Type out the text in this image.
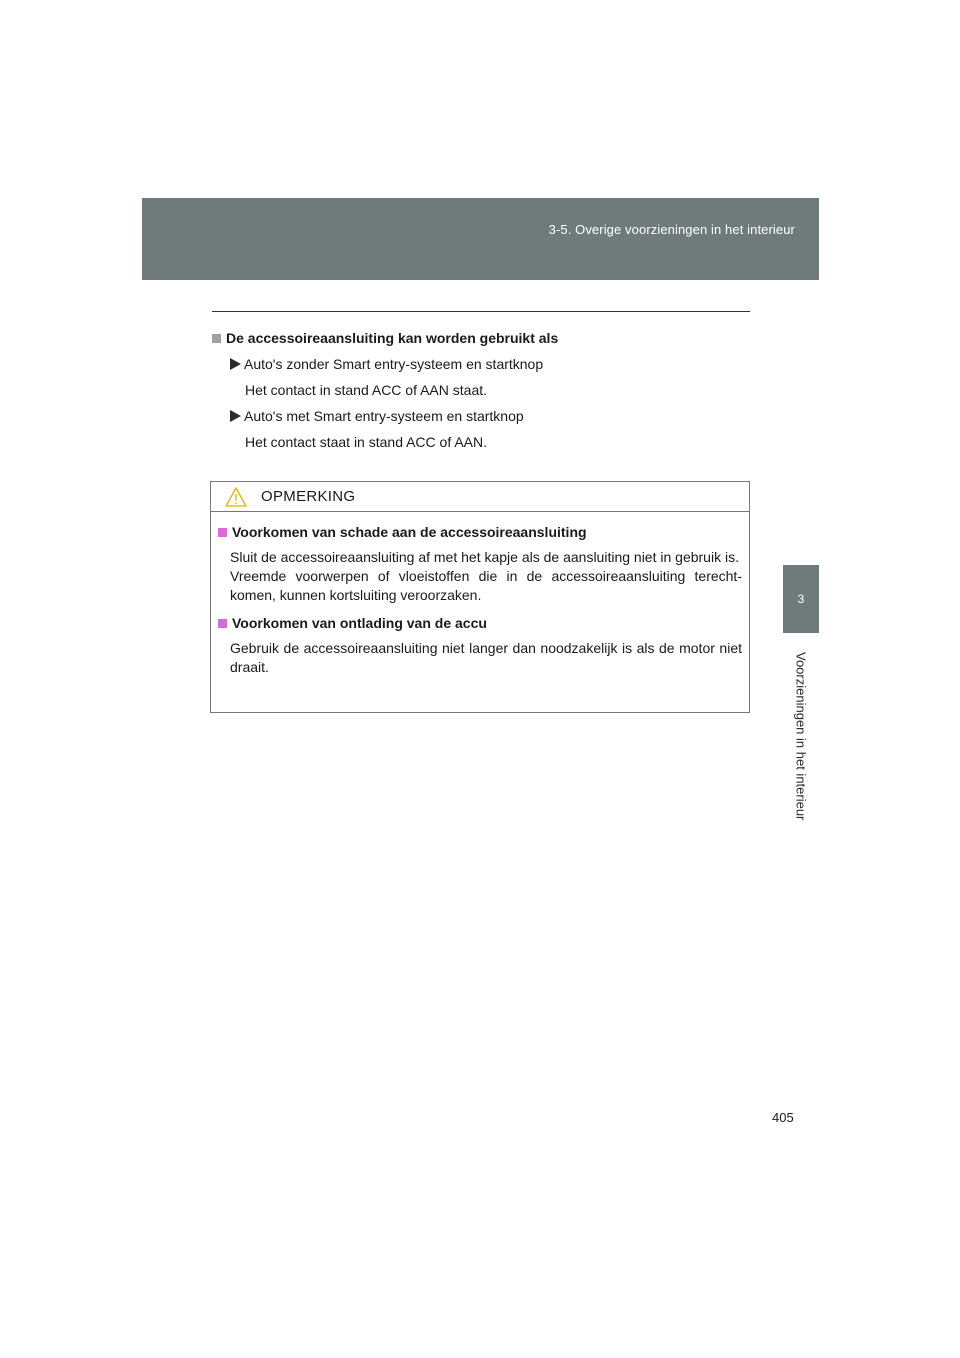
3-5. Overige voorzieningen in het interieur
3
Voorzieningen in het interieur
De accessoireaansluiting kan worden gebruikt als
Auto's zonder Smart entry-systeem en startknop
Het contact in stand ACC of AAN staat.
Auto's met Smart entry-systeem en startknop
Het contact staat in stand ACC of AAN.
OPMERKING
Voorkomen van schade aan de accessoireaansluiting

Sluit de accessoireaansluiting af met het kapje als de aansluiting niet in gebruik is.

Vreemde voorwerpen of vloeistoffen die in de accessoireaansluiting terecht-komen, kunnen kortsluiting veroorzaken.

Voorkomen van ontlading van de accu

Gebruik de accessoireaansluiting niet langer dan noodzakelijk is als de motor niet draait.

405
